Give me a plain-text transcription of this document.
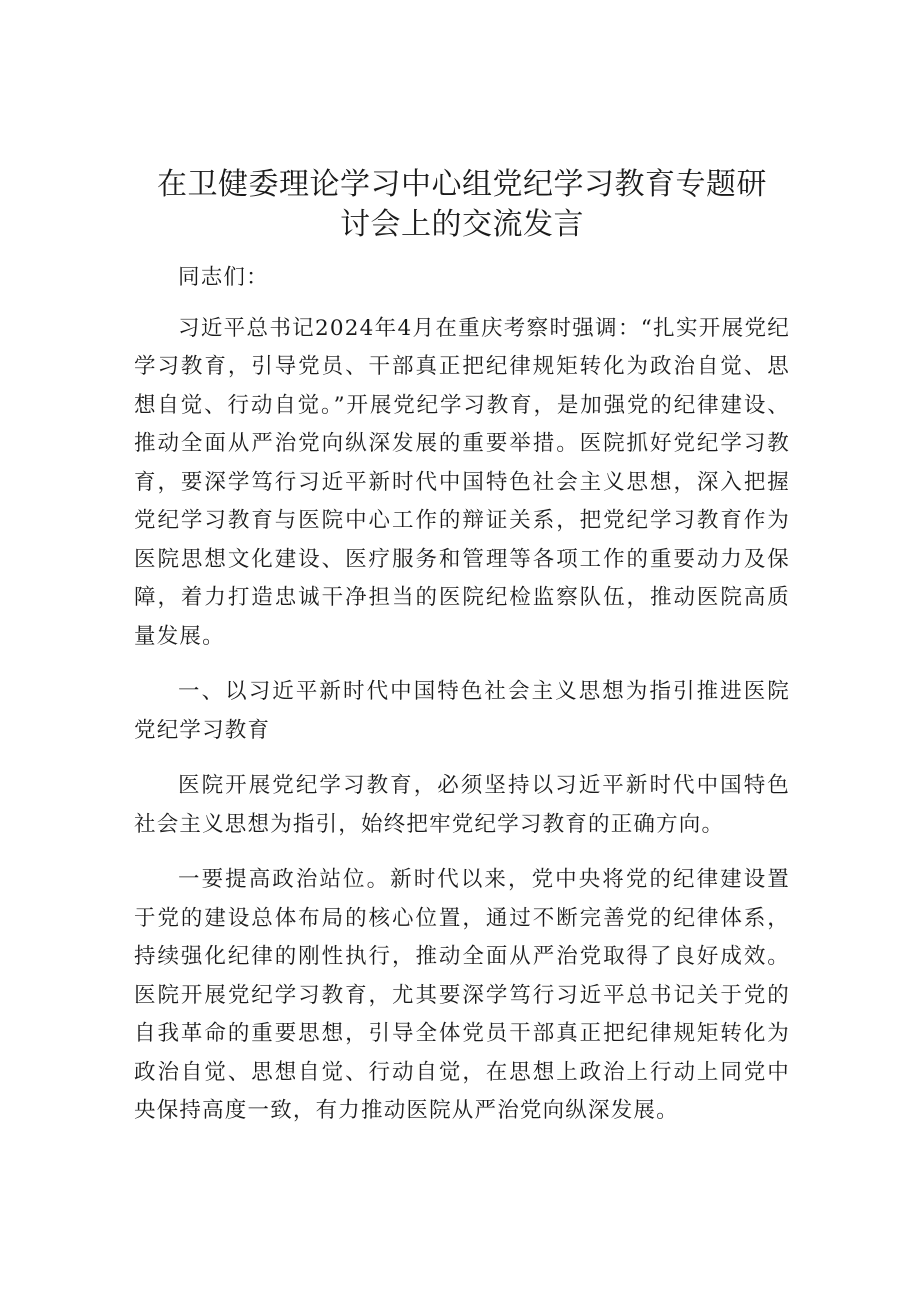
在卫健委理论学习中心组党纪学习教育专题研
讨会上的交流发言

同志们：

习近平总书记2024年4月在重庆考察时强调：“扎实开展党纪学习教育，引导党员、干部真正把纪律规矩转化为政治自觉、思想自觉、行动自觉。”开展党纪学习教育，是加强党的纪律建设、推动全面从严治党向纵深发展的重要举措。医院抓好党纪学习教育，要深学笃行习近平新时代中国特色社会主义思想，深入把握党纪学习教育与医院中心工作的辩证关系，把党纪学习教育作为医院思想文化建设、医疗服务和管理等各项工作的重要动力及保障，着力打造忠诚干净担当的医院纪检监察队伍，推动医院高质量发展。

一、以习近平新时代中国特色社会主义思想为指引推进医院党纪学习教育

医院开展党纪学习教育，必须坚持以习近平新时代中国特色社会主义思想为指引，始终把牢党纪学习教育的正确方向。

一要提高政治站位。新时代以来，党中央将党的纪律建设置于党的建设总体布局的核心位置，通过不断完善党的纪律体系，持续强化纪律的刚性执行，推动全面从严治党取得了良好成效。医院开展党纪学习教育，尤其要深学笃行习近平总书记关于党的自我革命的重要思想，引导全体党员干部真正把纪律规矩转化为政治自觉、思想自觉、行动自觉，在思想上政治上行动上同党中央保持高度一致，有力推动医院从严治党向纵深发展。
